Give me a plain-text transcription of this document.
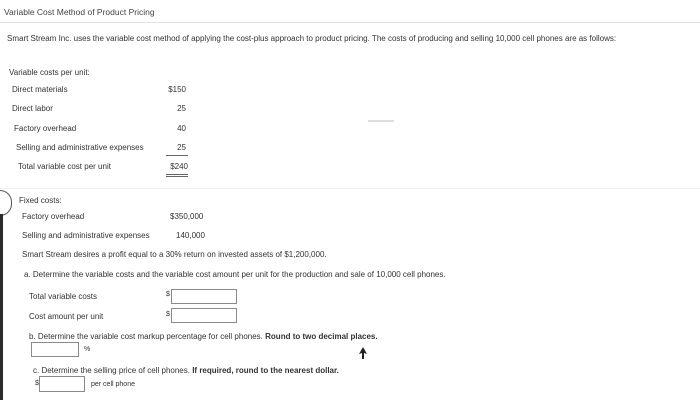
Variable Cost Method of Product Pricing
Smart Stream Inc. uses the variable cost method of applying the cost-plus approach to product pricing. The costs of producing and selling 10,000 cell phones are as follows:
Variable costs per unit:
Direct materials	$150
Direct labor	25
Factory overhead	40
Selling and administrative expenses	25
Total variable cost per unit	$240
Fixed costs:
Factory overhead	$350,000
Selling and administrative expenses	140,000
Smart Stream desires a profit equal to a 30% return on invested assets of $1,200,000.
a. Determine the variable costs and the variable cost amount per unit for the production and sale of 10,000 cell phones.
Total variable costs	$
Cost amount per unit	$
b. Determine the variable cost markup percentage for cell phones. Round to two decimal places.
%
c. Determine the selling price of cell phones. If required, round to the nearest dollar.
$	per cell phone
